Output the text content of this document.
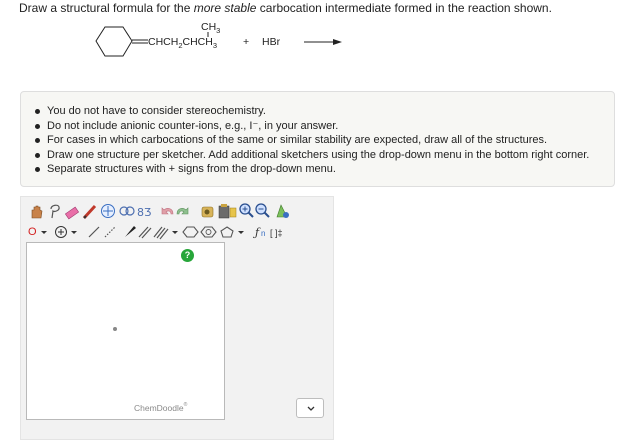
Draw a structural formula for the more stable carbocation intermediate formed in the reaction shown.
$CHCH_2CHCH_3$
$CH_3$
+ HBr
You do not have to consider stereochemistry.
Do not include anionic counter-ions, e.g., I⁻, in your answer.
For cases in which carbocations of the same or similar stability are expected, draw all of the structures.
Draw one structure per sketcher. Add additional sketchers using the drop-down menu in the bottom right corner.
Separate structures with + signs from the drop-down menu.
8 Ʒ
O	ƒ n [ ]‡
?
ChemDoodle®
